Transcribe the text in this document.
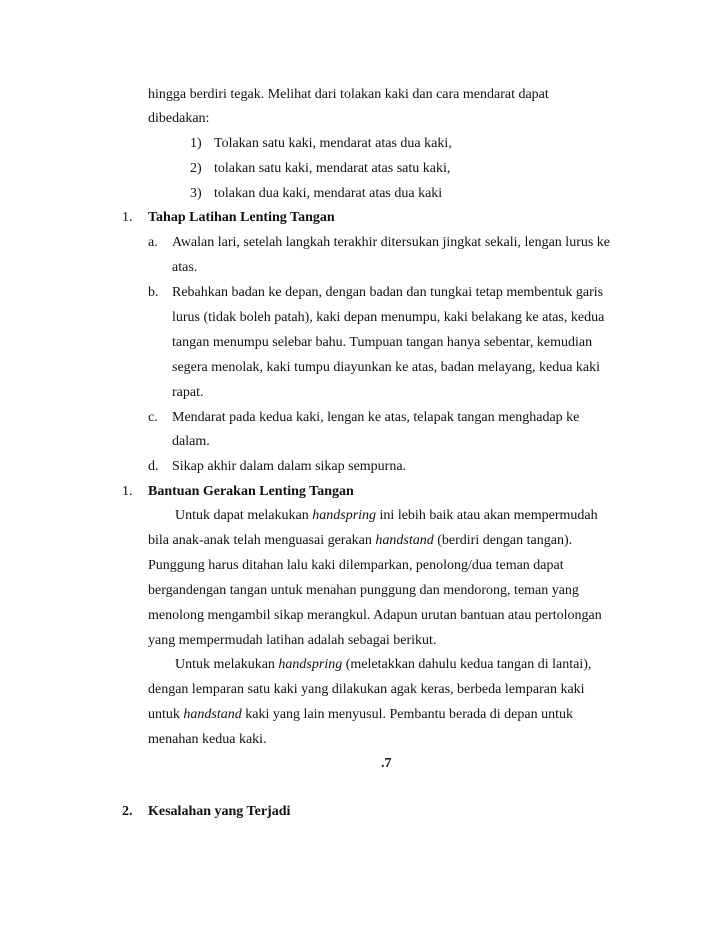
hingga berdiri tegak. Melihat dari tolakan kaki dan cara mendarat dapat
dibedakan:
1) Tolakan satu kaki, mendarat atas dua kaki,
2) tolakan satu kaki, mendarat atas satu kaki,
3) tolakan dua kaki, mendarat atas dua kaki
1. Tahap Latihan Lenting Tangan
a. Awalan lari, setelah langkah terakhir ditersukan jingkat sekali, lengan lurus ke
atas.
b. Rebahkan badan ke depan, dengan badan dan tungkai tetap membentuk garis
lurus (tidak boleh patah), kaki depan menumpu, kaki belakang ke atas, kedua
tangan menumpu selebar bahu. Tumpuan tangan hanya sebentar, kemudian
segera menolak, kaki tumpu diayunkan ke atas, badan melayang, kedua kaki
rapat.
c. Mendarat pada kedua kaki, lengan ke atas, telapak tangan menghadap ke
dalam.
d. Sikap akhir dalam dalam sikap sempurna.
1. Bantuan Gerakan Lenting Tangan
Untuk dapat melakukan handspring ini lebih baik atau akan mempermudah
bila anak-anak telah menguasai gerakan handstand (berdiri dengan tangan).
Punggung harus ditahan lalu kaki dilemparkan, penolong/dua teman dapat
bergandengan tangan untuk menahan punggung dan mendorong, teman yang
menolong mengambil sikap merangkul. Adapun urutan bantuan atau pertolongan
yang mempermudah latihan adalah sebagai berikut.
Untuk melakukan handspring (meletakkan dahulu kedua tangan di lantai),
dengan lemparan satu kaki yang dilakukan agak keras, berbeda lemparan kaki
untuk handstand kaki yang lain menyusul. Pembantu berada di depan untuk
menahan kedua kaki.
.7
2. Kesalahan yang Terjadi
